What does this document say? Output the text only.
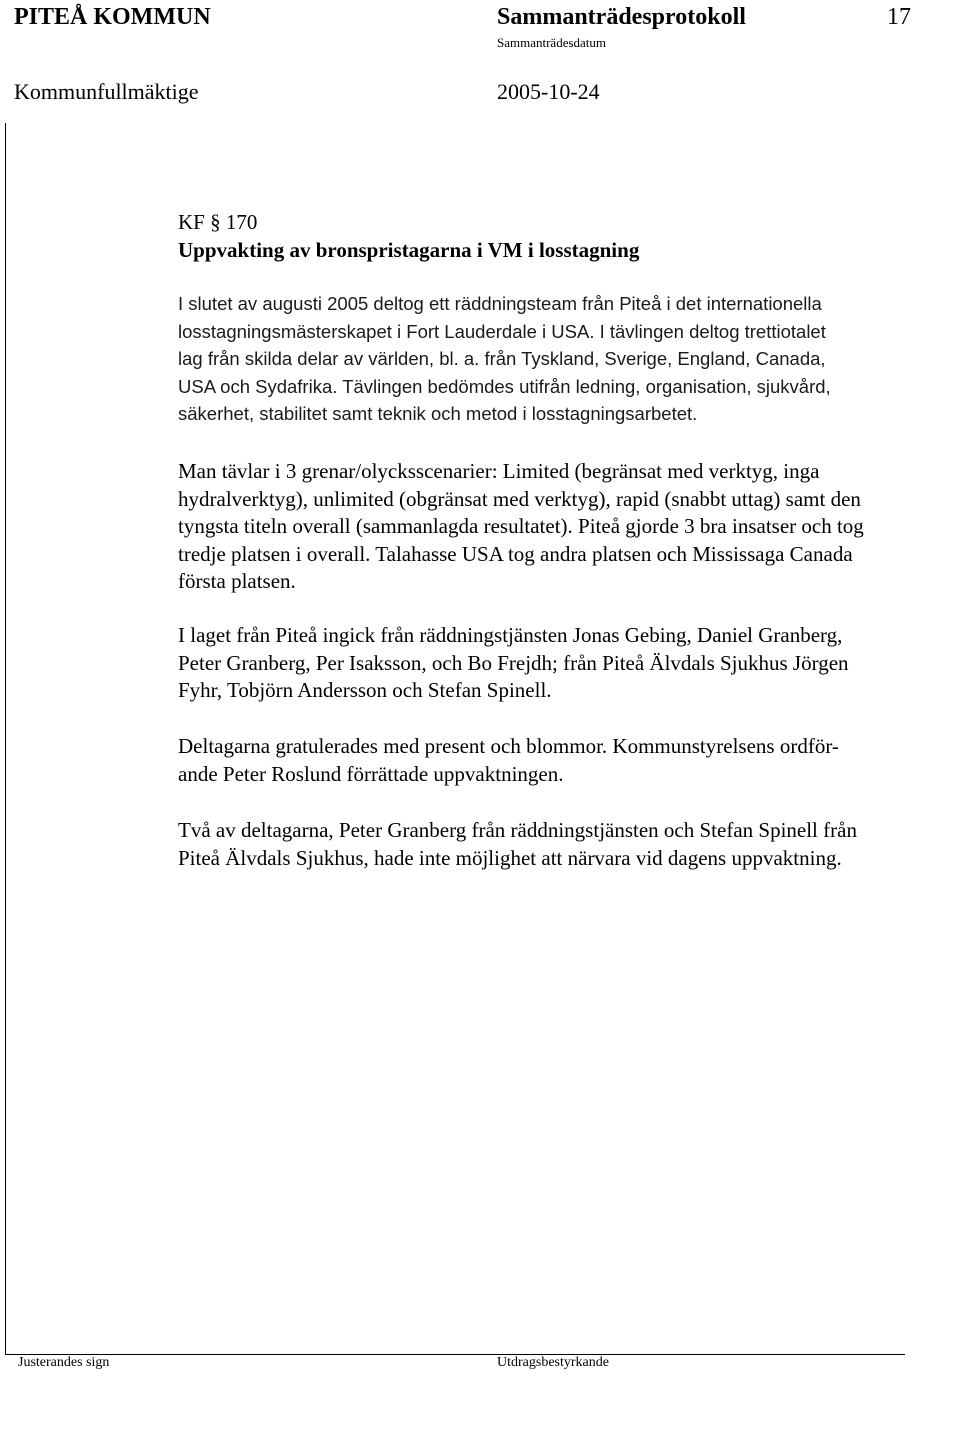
PITEÅ KOMMUN	Sammanträdesprotokoll	17
Sammanträdesdatum
Kommunfullmäktige	2005-10-24
KF § 170
Uppvakting av bronspristagarna i VM i losstagning
I slutet av augusti 2005 deltog ett räddningsteam från Piteå i det internationella
losstagningsmästerskapet i Fort Lauderdale i USA. I tävlingen deltog trettiotalet
lag från skilda delar av världen, bl. a. från Tyskland, Sverige, England, Canada,
USA och Sydafrika. Tävlingen bedömdes utifrån ledning, organisation, sjukvård,
säkerhet, stabilitet samt teknik och metod i losstagningsarbetet.
Man tävlar i 3 grenar/olycksscenarier: Limited (begränsat med verktyg, inga
hydralverktyg), unlimited (obgränsat med verktyg), rapid (snabbt uttag) samt den
tyngsta titeln overall (sammanlagda resultatet). Piteå gjorde 3 bra insatser och tog
tredje platsen i overall. Talahasse USA tog andra platsen och Mississaga Canada
första platsen.
I laget från Piteå ingick från räddningstjänsten Jonas Gebing, Daniel Granberg,
Peter Granberg, Per Isaksson, och Bo Frejdh; från Piteå Älvdals Sjukhus Jörgen
Fyhr, Tobjörn Andersson och Stefan Spinell.
Deltagarna gratulerades med present och blommor. Kommunstyrelsens ordför-
ande Peter Roslund förrättade uppvaktningen.
Två av deltagarna, Peter Granberg från räddningstjänsten och Stefan Spinell från
Piteå Älvdals Sjukhus, hade inte möjlighet att närvara vid dagens uppvaktning.
Justerandes sign	Utdragsbestyrkande
